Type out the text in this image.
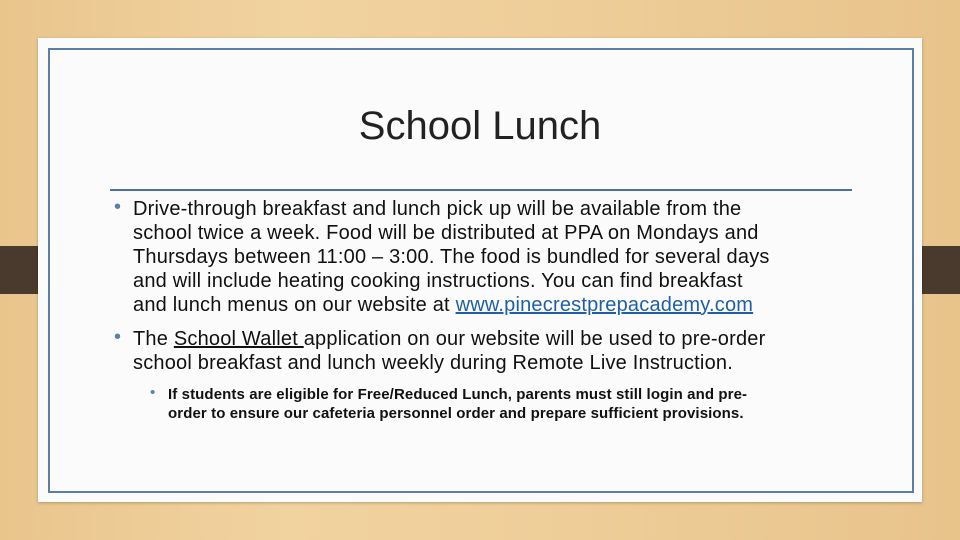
School Lunch
• Drive-through breakfast and lunch pick up will be available from the
school twice a week. Food will be distributed at PPA on Mondays and
Thursdays between 11:00 – 3:00. The food is bundled for several days
and will include heating cooking instructions. You can find breakfast
and lunch menus on our website at www.pinecrestprepacademy.com
• The School Wallet application on our website will be used to pre-order
school breakfast and lunch weekly during Remote Live Instruction.
• If students are eligible for Free/Reduced Lunch, parents must still login and pre-
order to ensure our cafeteria personnel order and prepare sufficient provisions.
